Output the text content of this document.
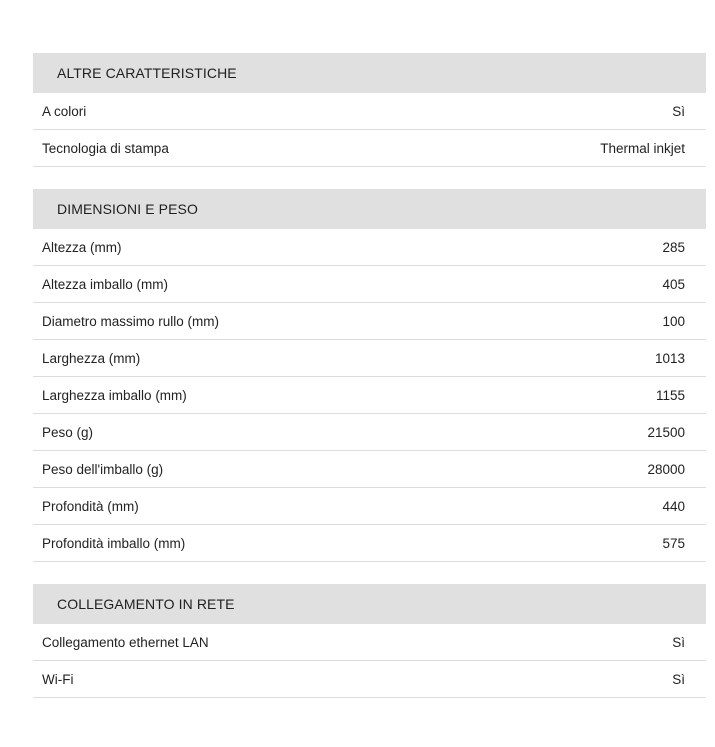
ALTRE CARATTERISTICHE
A colori	Sì
Tecnologia di stampa	Thermal inkjet
DIMENSIONI E PESO
Altezza (mm)	285
Altezza imballo (mm)	405
Diametro massimo rullo (mm)	100
Larghezza (mm)	1013
Larghezza imballo (mm)	1155
Peso (g)	21500
Peso dell'imballo (g)	28000
Profondità (mm)	440
Profondità imballo (mm)	575
COLLEGAMENTO IN RETE
Collegamento ethernet LAN	Sì
Wi-Fi	Sì
